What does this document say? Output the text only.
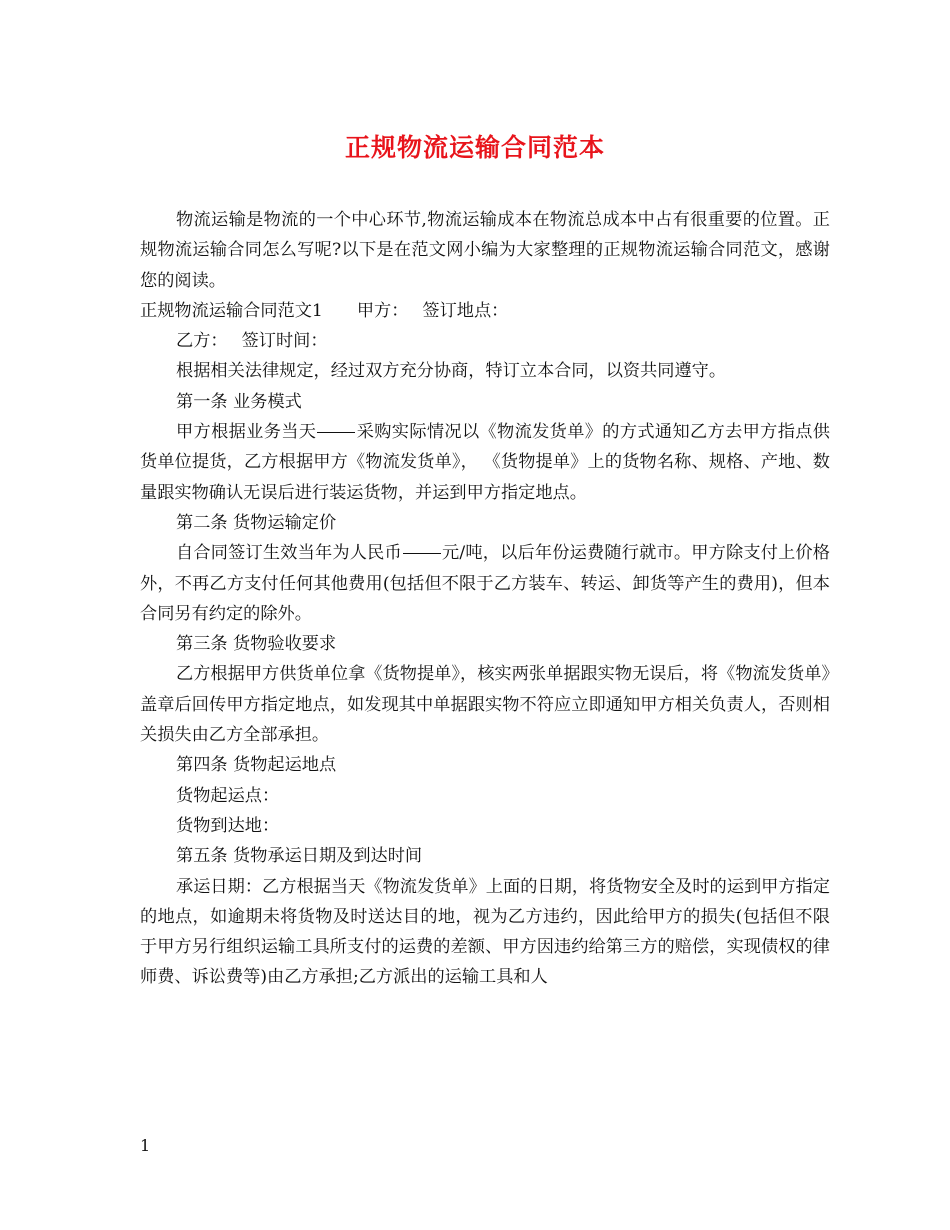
正规物流运输合同范本

物流运输是物流的一个中心环节,物流运输成本在物流总成本中占有很重要的位置。正规物流运输合同怎么写呢?以下是在范文网小编为大家整理的正规物流运输合同范文，感谢您的阅读。

正规物流运输合同范文1 甲方： 签订地点：

乙方： 签订时间：

根据相关法律规定，经过双方充分协商，特订立本合同，以资共同遵守。

第一条 业务模式

甲方根据业务当天 采购实际情况以《物流发货单》的方式通知乙方去甲方指点供货单位提货，乙方根据甲方《物流发货单》， 《货物提单》上的货物名称、规格、产地、数量跟实物确认无误后进行装运货物，并运到甲方指定地点。

第二条 货物运输定价

自合同签订生效当年为人民币 元/吨，以后年份运费随行就市。甲方除支付上价格外，不再乙方支付任何其他费用(包括但不限于乙方装车、转运、卸货等产生的费用)，但本合同另有约定的除外。

第三条 货物验收要求

乙方根据甲方供货单位拿《货物提单》，核实两张单据跟实物无误后，将《物流发货单》盖章后回传甲方指定地点，如发现其中单据跟实物不符应立即通知甲方相关负责人，否则相关损失由乙方全部承担。

第四条 货物起运地点

货物起运点：

货物到达地：

第五条 货物承运日期及到达时间

承运日期：乙方根据当天《物流发货单》上面的日期，将货物安全及时的运到甲方指定的地点，如逾期未将货物及时送达目的地，视为乙方违约，因此给甲方的损失(包括但不限于甲方另行组织运输工具所支付的运费的差额、甲方因违约给第三方的赔偿，实现债权的律师费、诉讼费等)由乙方承担;乙方派出的运输工具和人

1
